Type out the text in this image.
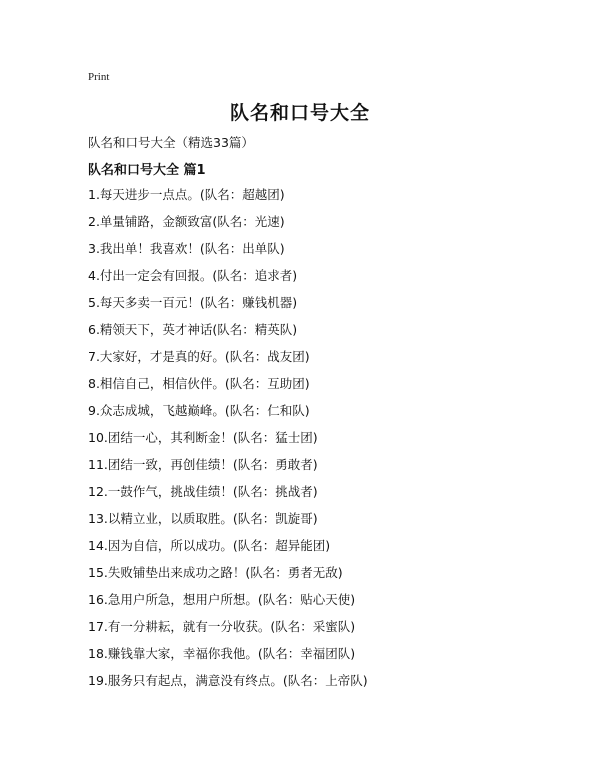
Print
队名和口号大全
队名和口号大全（精选33篇）
队名和口号大全 篇1
1.每天进步一点点。(队名：超越团)
2.单量铺路，金额致富(队名：光速)
3.我出单！我喜欢！(队名：出单队)
4.付出一定会有回报。(队名：追求者)
5.每天多卖一百元！(队名：赚钱机器)
6.精领天下，英才神话(队名：精英队)
7.大家好，才是真的好。(队名：战友团)
8.相信自己，相信伙伴。(队名：互助团)
9.众志成城，飞越巅峰。(队名：仁和队)
10.团结一心，其利断金！(队名：猛士团)
11.团结一致，再创佳绩！(队名：勇敢者)
12.一鼓作气，挑战佳绩！(队名：挑战者)
13.以精立业，以质取胜。(队名：凯旋哥)
14.因为自信，所以成功。(队名：超异能团)
15.失败铺垫出来成功之路！(队名：勇者无敌)
16.急用户所急，想用户所想。(队名：贴心天使)
17.有一分耕耘，就有一分收获。(队名：采蜜队)
18.赚钱靠大家，幸福你我他。(队名：幸福团队)
19.服务只有起点，满意没有终点。(队名：上帝队)
